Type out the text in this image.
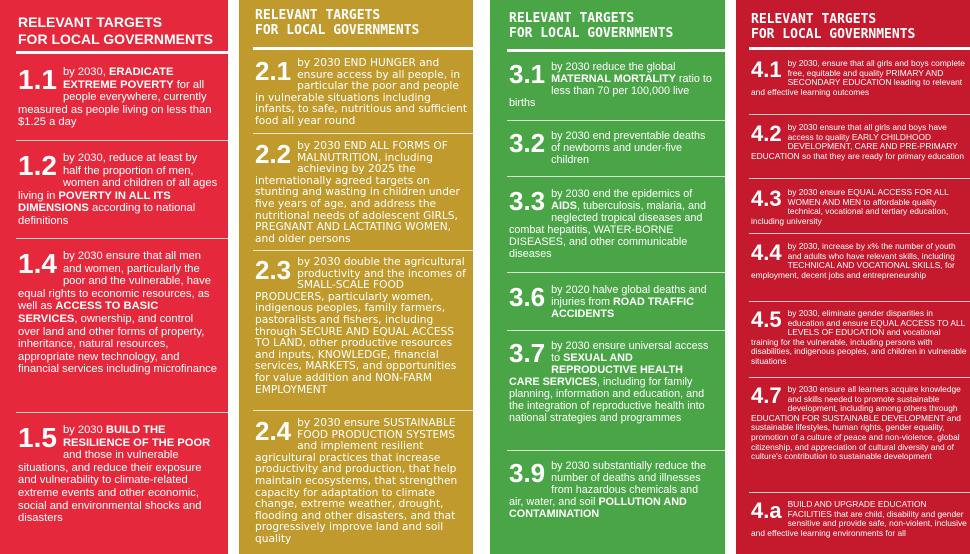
RELEVANT TARGETS
FOR LOCAL GOVERNMENTS
1.1 by 2030, ERADICATE EXTREME POVERTY for all people everywhere, currently measured as people living on less than $1.25 a day
1.2 by 2030, reduce at least by half the proportion of men, women and children of all ages living in POVERTY IN ALL ITS DIMENSIONS according to national definitions
1.4 by 2030 ensure that all men and women, particularly the poor and the vulnerable, have equal rights to economic resources, as well as ACCESS TO BASIC SERVICES, ownership, and control over land and other forms of property, inheritance, natural resources, appropriate new technology, and financial services including microfinance
1.5 by 2030 BUILD THE RESILIENCE OF THE POOR and those in vulnerable situations, and reduce their exposure and vulnerability to climate-related extreme events and other economic, social and environmental shocks and disasters
RELEVANT TARGETS
FOR LOCAL GOVERNMENTS
2.1 by 2030 END HUNGER and ensure access by all people, in particular the poor and people in vulnerable situations including infants, to safe, nutritious and sufficient food all year round
2.2 by 2030 END ALL FORMS OF MALNUTRITION, including achieving by 2025 the internationally agreed targets on stunting and wasting in children under five years of age, and address the nutritional needs of adolescent GIRLS, PREGNANT AND LACTATING WOMEN, and older persons
2.3 by 2030 double the agricultural productivity and the incomes of SMALL-SCALE FOOD PRODUCERS, particularly women, indigenous peoples, family farmers, pastoralists and fishers, including through SECURE AND EQUAL ACCESS TO LAND, other productive resources and inputs, KNOWLEDGE, financial services, MARKETS, and opportunities for value addition and NON-FARM EMPLOYMENT
2.4 by 2030 ensure SUSTAINABLE FOOD PRODUCTION SYSTEMS and implement resilient agricultural practices that increase productivity and production, that help maintain ecosystems, that strengthen capacity for adaptation to climate change, extreme weather, drought, flooding and other disasters, and that progressively improve land and soil quality
RELEVANT TARGETS
FOR LOCAL GOVERNMENTS
3.1 by 2030 reduce the global MATERNAL MORTALITY ratio to less than 70 per 100,000 live births
3.2 by 2030 end preventable deaths of newborns and under-five children
3.3 by 2030 end the epidemics of AIDS, tuberculosis, malaria, and neglected tropical diseases and combat hepatitis, WATER-BORNE DISEASES, and other communicable diseases
3.6 by 2020 halve global deaths and injuries from ROAD TRAFFIC ACCIDENTS
3.7 by 2030 ensure universal access to SEXUAL AND REPRODUCTIVE HEALTH CARE SERVICES, including for family planning, information and education, and the integration of reproductive health into national strategies and programmes
3.9 by 2030 substantially reduce the number of deaths and illnesses from hazardous chemicals and air, water, and soil POLLUTION AND CONTAMINATION
RELEVANT TARGETS
FOR LOCAL GOVERNMENTS
4.1 by 2030, ensure that all girls and boys complete free, equitable and quality PRIMARY AND SECONDARY EDUCATION leading to relevant and effective learning outcomes
4.2 by 2030 ensure that all girls and boys have access to quality EARLY CHILDHOOD DEVELOPMENT, CARE AND PRE-PRIMARY EDUCATION so that they are ready for primary education
4.3 by 2030 ensure EQUAL ACCESS FOR ALL WOMEN AND MEN to affordable quality technical, vocational and tertiary education, including university
4.4 by 2030, increase by x% the number of youth and adults who have relevant skills, including TECHNICAL AND VOCATIONAL SKILLS, for employment, decent jobs and entrepreneurship
4.5 by 2030, eliminate gender disparities in education and ensure EQUAL ACCESS TO ALL LEVELS OF EDUCATION and vocational training for the vulnerable, including persons with disabilities, indigenous peoples, and children in vulnerable situations
4.7 by 2030 ensure all learners acquire knowledge and skills needed to promote sustainable development, including among others through EDUCATION FOR SUSTAINABLE DEVELOPMENT and sustainable lifestyles, human rights, gender equality, promotion of a culture of peace and non-violence, global citizenship, and appreciation of cultural diversity and of culture's contribution to sustainable development
4.a BUILD AND UPGRADE EDUCATION FACILITIES that are child, disability and gender sensitive and provide safe, non-violent, inclusive and effective learning environments for all
